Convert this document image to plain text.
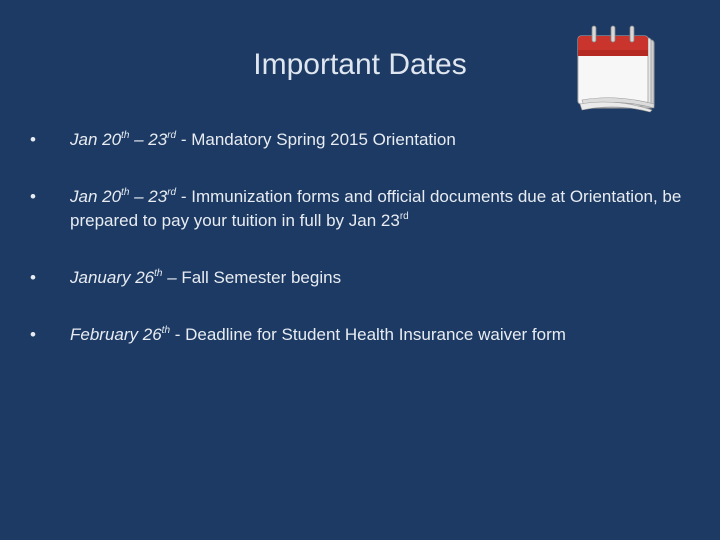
Important Dates
•	Jan 20th – 23rd - Mandatory Spring 2015 Orientation
•	Jan 20th – 23rd - Immunization forms and official documents due at Orientation, be prepared to pay your tuition in full by Jan 23rd
•	January 26th – Fall Semester begins
•	February 26th - Deadline for Student Health Insurance waiver form
